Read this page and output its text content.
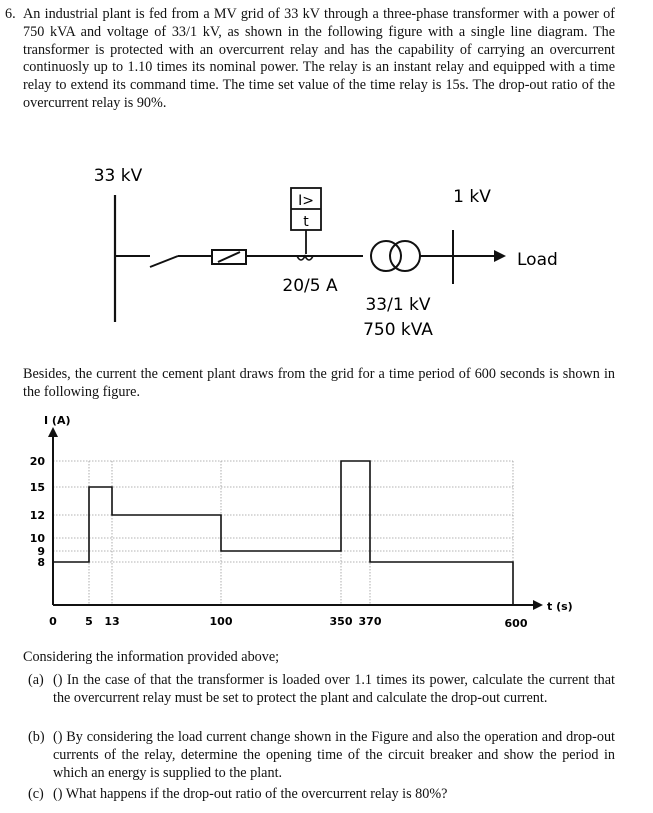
6. An industrial plant is fed from a MV grid of 33 kV through a three-phase transformer with a power of 750 kVA and voltage of 33/1 kV, as shown in the following figure with a single line diagram. The transformer is protected with an overcurrent relay and has the capability of carrying an overcurrent continuosly up to 1.10 times its nominal power. The relay is an instant relay and equipped with a time relay to extend its command time. The time set value of the time relay is 15s. The drop-out ratio of the overcurrent relay is 90%.
33 kV
I>
t
20/5 A
33/1 kV
750 kVA
1 kV
Load
Besides, the current the cement plant draws from the grid for a time period of 600 seconds is shown in the following figure.
I (A)
t (s)
8
9
10
12
15
20
0	5 13	100	350 370	600
Considering the information provided above;
(a) () In the case of that the transformer is loaded over 1.1 times its power, calculate the current that the overcurrent relay must be set to protect the plant and calculate the drop-out current.
(b) () By considering the load current change shown in the Figure and also the operation and drop-out currents of the relay, determine the opening time of the circuit breaker and show the period in which an energy is supplied to the plant.
(c) () What happens if the drop-out ratio of the overcurrent relay is 80%?
